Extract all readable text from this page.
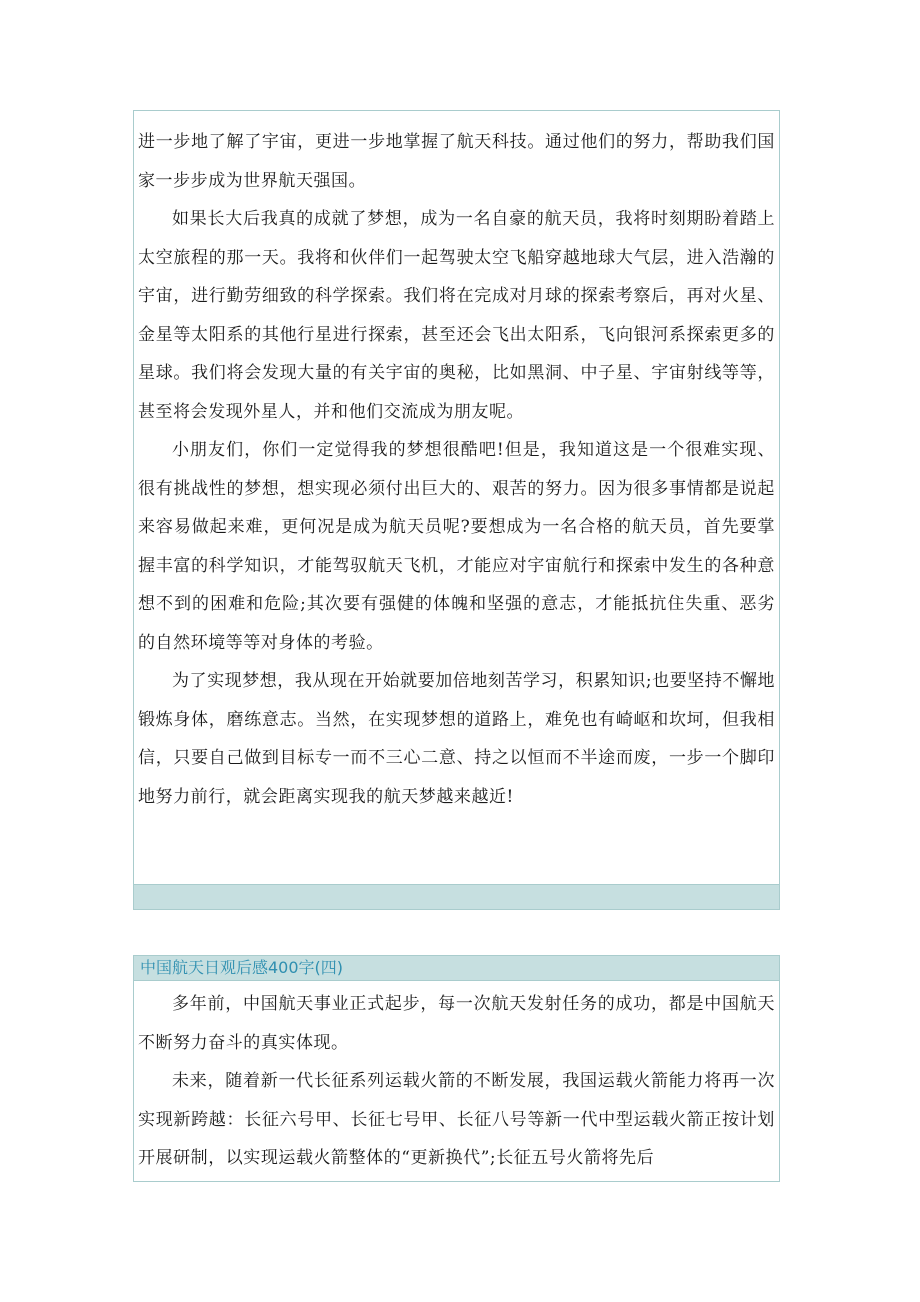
进一步地了解了宇宙，更进一步地掌握了航天科技。通过他们的努力，帮助我们国家一步步成为世界航天强国。

如果长大后我真的成就了梦想，成为一名自豪的航天员，我将时刻期盼着踏上太空旅程的那一天。我将和伙伴们一起驾驶太空飞船穿越地球大气层，进入浩瀚的宇宙，进行勤劳细致的科学探索。我们将在完成对月球的探索考察后，再对火星、金星等太阳系的其他行星进行探索，甚至还会飞出太阳系，飞向银河系探索更多的星球。我们将会发现大量的有关宇宙的奥秘，比如黑洞、中子星、宇宙射线等等，甚至将会发现外星人，并和他们交流成为朋友呢。

小朋友们，你们一定觉得我的梦想很酷吧!但是，我知道这是一个很难实现、很有挑战性的梦想，想实现必须付出巨大的、艰苦的努力。因为很多事情都是说起来容易做起来难，更何况是成为航天员呢?要想成为一名合格的航天员，首先要掌握丰富的科学知识，才能驾驭航天飞机，才能应对宇宙航行和探索中发生的各种意想不到的困难和危险;其次要有强健的体魄和坚强的意志，才能抵抗住失重、恶劣的自然环境等等对身体的考验。

为了实现梦想，我从现在开始就要加倍地刻苦学习，积累知识;也要坚持不懈地锻炼身体，磨练意志。当然，在实现梦想的道路上，难免也有崎岖和坎坷，但我相信，只要自己做到目标专一而不三心二意、持之以恒而不半途而废，一步一个脚印地努力前行，就会距离实现我的航天梦越来越近!

中国航天日观后感400字(四)

多年前，中国航天事业正式起步，每一次航天发射任务的成功，都是中国航天不断努力奋斗的真实体现。

未来，随着新一代长征系列运载火箭的不断发展，我国运载火箭能力将再一次实现新跨越：长征六号甲、长征七号甲、长征八号等新一代中型运载火箭正按计划开展研制，以实现运载火箭整体的“更新换代”;长征五号火箭将先后
